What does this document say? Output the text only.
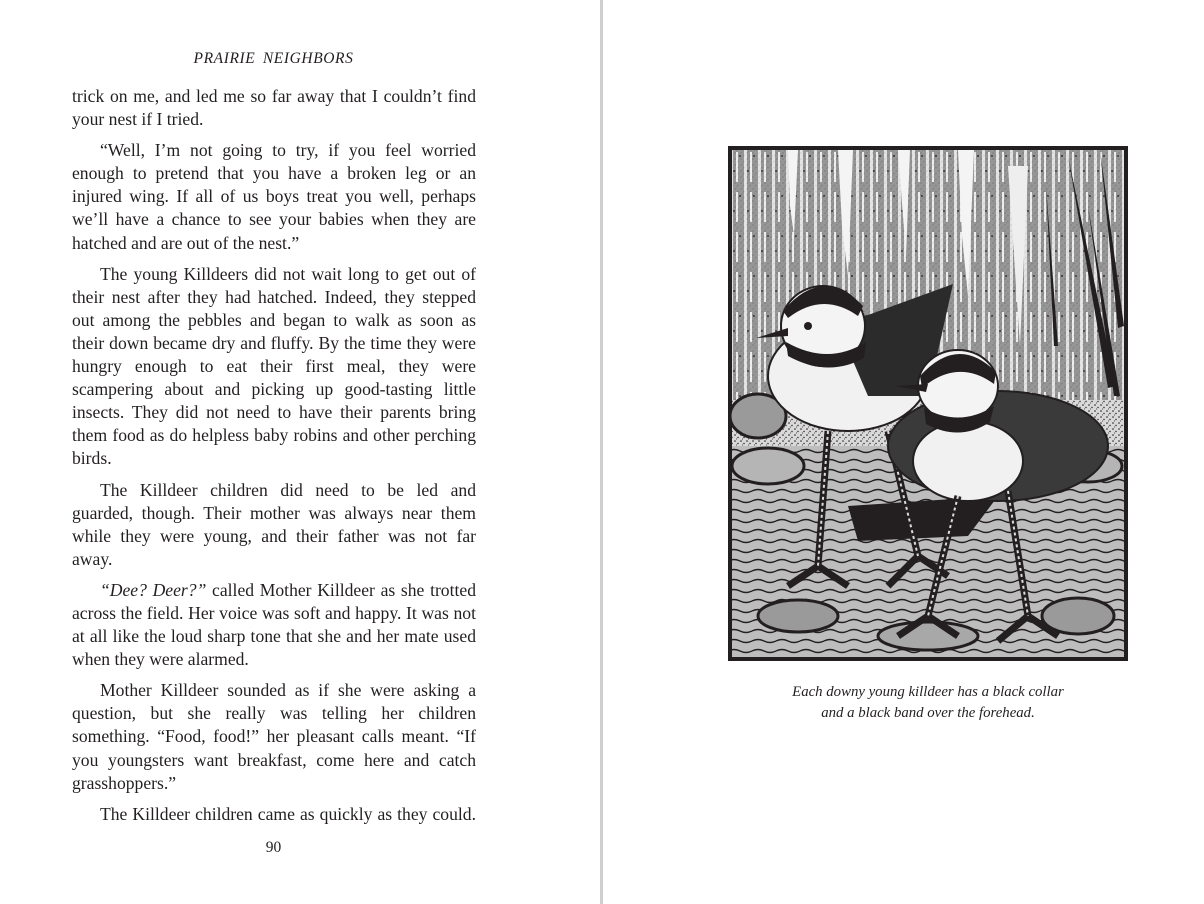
PRAIRIE NEIGHBORS

trick on me, and led me so far away that I couldn’t find your nest if I tried.

“Well, I’m not going to try, if you feel worried enough to pretend that you have a broken leg or an injured wing. If all of us boys treat you well, perhaps we’ll have a chance to see your babies when they are hatched and are out of the nest.”

The young Killdeers did not wait long to get out of their nest after they had hatched. Indeed, they stepped out among the pebbles and began to walk as soon as their down became dry and fluffy. By the time they were hungry enough to eat their first meal, they were scampering about and picking up good-tasting little insects. They did not need to have their parents bring them food as do helpless baby robins and other perching birds.

The Killdeer children did need to be led and guarded, though. Their mother was always near them while they were young, and their father was not far away.

“Dee? Deer?” called Mother Killdeer as she trotted across the field. Her voice was soft and happy. It was not at all like the loud sharp tone that she and her mate used when they were alarmed.

Mother Killdeer sounded as if she were asking a question, but she really was telling her children something. “Food, food!” her pleasant calls meant. “If you youngsters want breakfast, come here and catch grasshoppers.”

The Killdeer children came as quickly as they could.

90
Each downy young killdeer has a black collar
and a black band over the forehead.
